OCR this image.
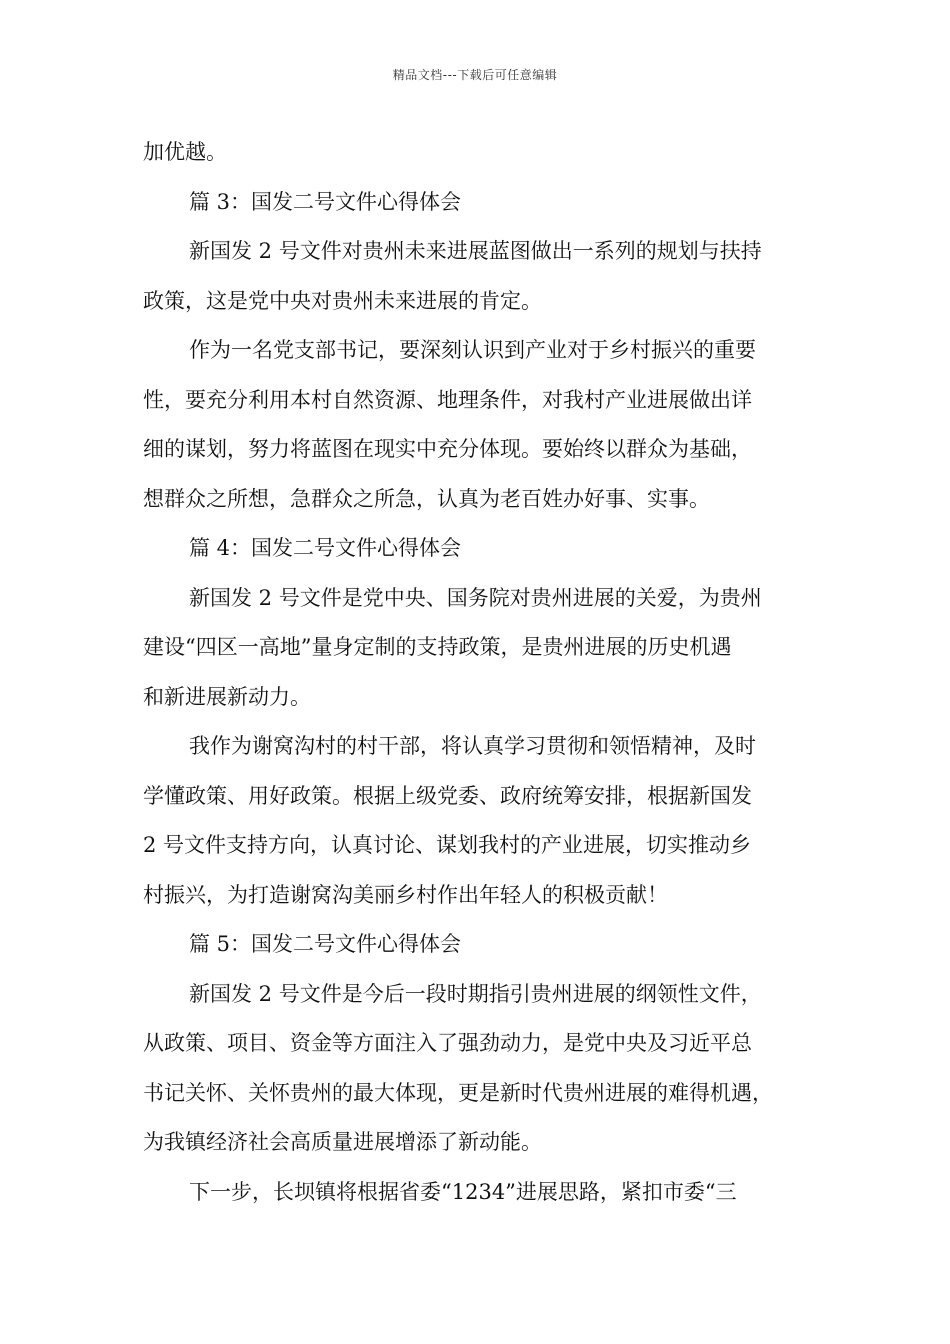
精品文档---下载后可任意编辑
加优越。
篇 3：国发二号文件心得体会
新国发 2 号文件对贵州未来进展蓝图做出一系列的规划与扶持
政策，这是党中央对贵州未来进展的肯定。
作为一名党支部书记，要深刻认识到产业对于乡村振兴的重要
性，要充分利用本村自然资源、地理条件，对我村产业进展做出详
细的谋划，努力将蓝图在现实中充分体现。要始终以群众为基础，
想群众之所想，急群众之所急，认真为老百姓办好事、实事。
篇 4：国发二号文件心得体会
新国发 2 号文件是党中央、国务院对贵州进展的关爱，为贵州
建设“四区一高地”量身定制的支持政策，是贵州进展的历史机遇
和新进展新动力。
我作为谢窝沟村的村干部，将认真学习贯彻和领悟精神，及时
学懂政策、用好政策。根据上级党委、政府统筹安排，根据新国发
2 号文件支持方向，认真讨论、谋划我村的产业进展，切实推动乡
村振兴，为打造谢窝沟美丽乡村作出年轻人的积极贡献！
篇 5：国发二号文件心得体会
新国发 2 号文件是今后一段时期指引贵州进展的纲领性文件，
从政策、项目、资金等方面注入了强劲动力，是党中央及习近平总
书记关怀、关怀贵州的最大体现，更是新时代贵州进展的难得机遇，
为我镇经济社会高质量进展增添了新动能。
下一步，长坝镇将根据省委“1234”进展思路，紧扣市委“三
